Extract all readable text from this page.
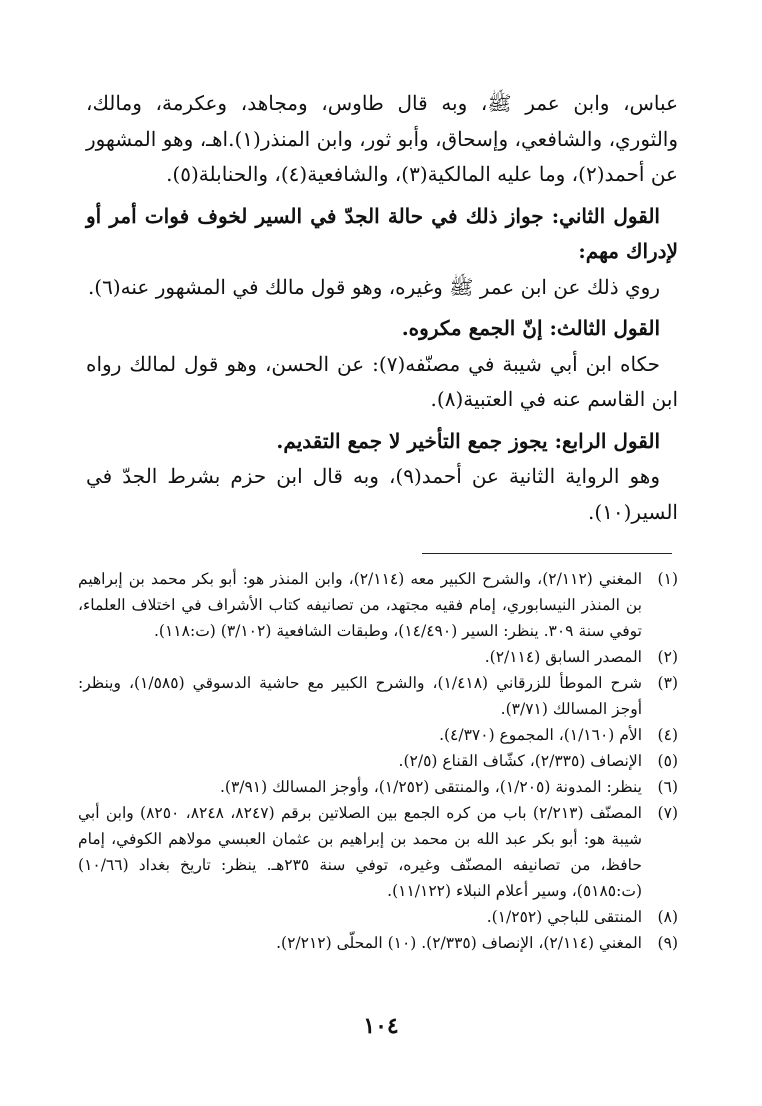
عباس، وابن عمر ﷺ، وبه قال طاوس، ومجاهد، وعكرمة، ومالك، والثوري، والشافعي، وإسحاق، وأبو ثور، وابن المنذر(١).اهـ، وهو المشهور عن أحمد(٢)، وما عليه المالكية(٣)، والشافعية(٤)، والحنابلة(٥).

القول الثاني: جواز ذلك في حالة الجدّ في السير لخوف فوات أمر أو لإدراك مهم:

روي ذلك عن ابن عمر ﷺ وغيره، وهو قول مالك في المشهور عنه(٦).

القول الثالث: إنّ الجمع مكروه.

حكاه ابن أبي شيبة في مصنّفه(٧): عن الحسن، وهو قول لمالك رواه ابن القاسم عنه في العتبية(٨).

القول الرابع: يجوز جمع التأخير لا جمع التقديم.

وهو الرواية الثانية عن أحمد(٩)، وبه قال ابن حزم بشرط الجدّ في السير(١٠).

(١)
المغني (٢/١١٢)، والشرح الكبير معه (٢/١١٤)، وابن المنذر هو: أبو بكر محمد بن إبراهيم بن المنذر النيسابوري، إمام فقيه مجتهد، من تصانيفه كتاب الأشراف في اختلاف العلماء، توفي سنة ٣٠٩. ينظر: السير (١٤/٤٩٠)، وطبقات الشافعية (٣/١٠٢) (ت:١١٨).
(٢)
المصدر السابق (٢/١١٤).
(٣)
شرح الموطأ للزرقاني (١/٤١٨)، والشرح الكبير مع حاشية الدسوقي (١/٥٨٥)، وينظر: أوجز المسالك (٣/٧١).
(٤)
الأم (١/١٦٠)، المجموع (٤/٣٧٠).
(٥)
الإنصاف (٢/٣٣٥)، كشّاف القناع (٢/٥).
(٦)
ينظر: المدونة (١/٢٠٥)، والمنتقى (١/٢٥٢)، وأوجز المسالك (٣/٩١).
(٧)
المصنّف (٢/٢١٣) باب من كره الجمع بين الصلاتين برقم (٨٢٤٧، ٨٢٤٨، ٨٢٥٠) وابن أبي شيبة هو: أبو بكر عبد الله بن محمد بن إبراهيم بن عثمان العبسي مولاهم الكوفي، إمام حافظ، من تصانيفه المصنّف وغيره، توفي سنة ٢٣٥هـ. ينظر: تاريخ بغداد (١٠/٦٦) (ت:٥١٨٥)، وسير أعلام النبلاء (١١/١٢٢).
(٨)
المنتقى للباجي (١/٢٥٢).
(٩)
المغني (٢/١١٤)، الإنصاف (٢/٣٣٥). (١٠) المحلّى (٢/٢١٢).
١٠٤
